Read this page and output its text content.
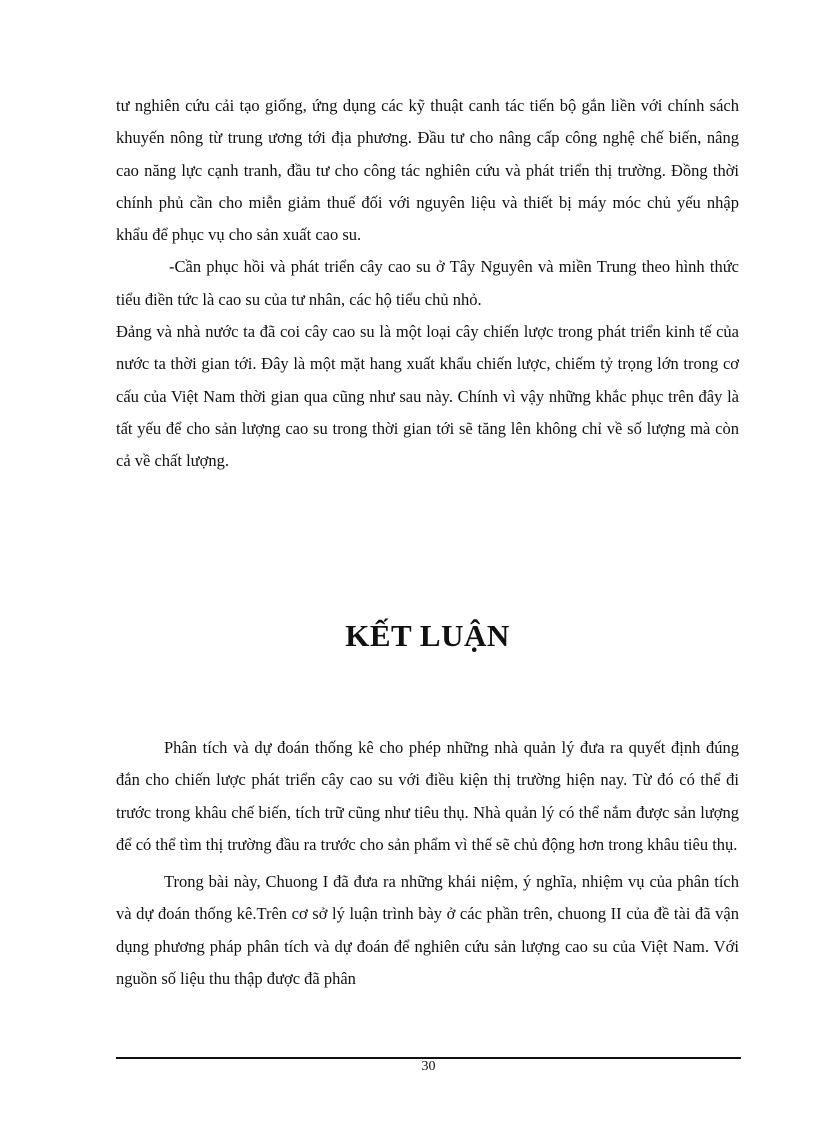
tư nghiên cứu cải tạo giống, ứng dụng các kỹ thuật canh tác tiến bộ gắn liền với chính sách khuyến nông từ trung ương tới địa phương. Đầu tư cho nâng cấp công nghệ chế biến, nâng cao năng lực cạnh tranh, đầu tư cho công tác nghiên cứu và phát triển thị trường. Đồng thời chính phủ cần cho miễn giảm thuế đối với nguyên liệu và thiết bị máy móc chủ yếu nhập khẩu để phục vụ cho sản xuất cao su.

-Cần phục hồi và phát triển cây cao su ở Tây Nguyên và miền Trung theo hình thức tiểu điền tức là cao su của tư nhân, các hộ tiểu chủ nhỏ.

Đảng và nhà nước ta đã coi cây cao su là một loại cây chiến lược trong phát triển kinh tế của nước ta thời gian tới. Đây là một mặt hang xuất khẩu chiến lược, chiếm tỷ trọng lớn trong cơ cấu của Việt Nam thời gian qua cũng như sau này. Chính vì vậy những khắc phục trên đây là tất yếu để cho sản lượng cao su trong thời gian tới sẽ tăng lên không chỉ về số lượng mà còn cả về chất lượng.

KẾT LUẬN

Phân tích và dự đoán thống kê cho phép những nhà quản lý đưa ra quyết định đúng đắn cho chiến lược phát triển cây cao su với điều kiện thị trường hiện nay. Từ đó có thể đi trước trong khâu chế biến, tích trữ cũng như tiêu thụ. Nhà quản lý có thể nắm được sản lượng để có thể tìm thị trường đầu ra trước cho sản phẩm vì thế sẽ chủ động hơn trong khâu tiêu thụ.

Trong bài này, Chuong I đã đưa ra những khái niệm, ý nghĩa, nhiệm vụ của phân tích và dự đoán thống kê.Trên cơ sở lý luận trình bày ở các phần trên, chuong II của đề tài đã vận dụng phương pháp phân tích và dự đoán để nghiên cứu sản lượng cao su của Việt Nam. Với nguồn số liệu thu thập được đã phân

30
